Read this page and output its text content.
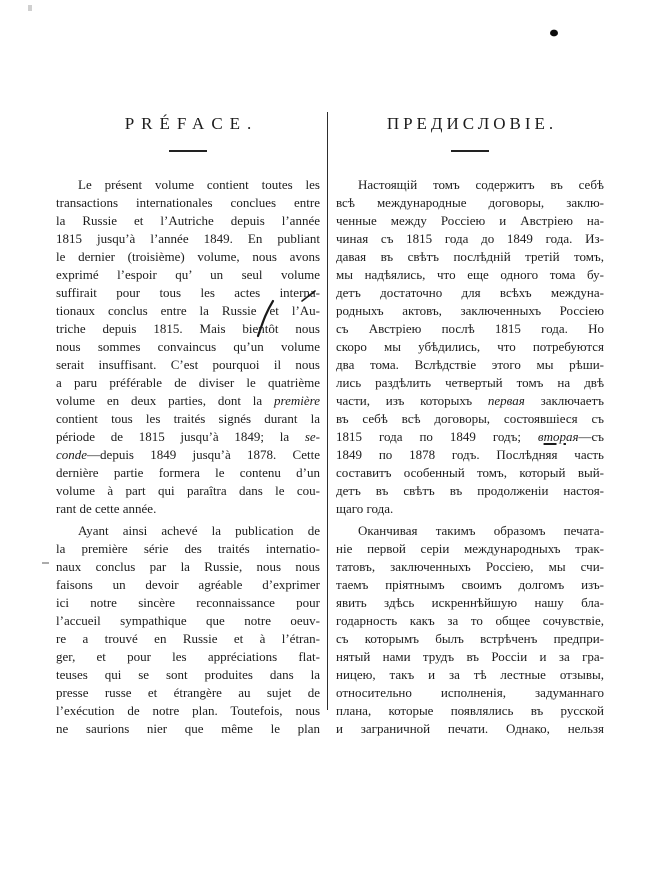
PRÉFACE.
Le présent volume contient toutes les
transactions internationales conclues entre
la Russie et l’Autriche depuis l’année
1815 jusqu’à l’année 1849. En publiant
le dernier (troisième) volume, nous avons
exprimé l’espoir qu’ un seul volume
suffirait pour tous les actes interna-
tionaux conclus entre la Russie et l’Au-
triche depuis 1815. Mais bientôt nous
nous sommes convaincus qu’un volume
serait insuffisant. C’est pourquoi il nous
a paru préférable de diviser le quatrième
volume en deux parties, dont la première
contient tous les traités signés durant la
période de 1815 jusqu’à 1849; la se-
conde—depuis 1849 jusqu’à 1878. Cette
dernière partie formera le contenu d’un
volume à part qui paraîtra dans le cou-
rant de cette année.
Ayant ainsi achevé la publication de
la première série des traités internatio-
naux conclus par la Russie, nous nous
faisons un devoir agréable d’exprimer
ici notre sincère reconnaissance pour
l’accueil sympathique que notre oeuv-
re a trouvé en Russie et à l’étran-
ger, et pour les appréciations flat-
teuses qui se sont produites dans la
presse russe et étrangère au sujet de
l’exécution de notre plan. Toutefois, nous
ne saurions nier que même le plan
ПРЕДИСЛОВІЕ.
Настоящій томъ содержитъ въ себѣ
всѣ международные договоры, заклю-
ченные между Россіею и Австріею на-
чиная съ 1815 года до 1849 года. Из-
давая въ свѣтъ послѣдній третій томъ,
мы надѣялись, что еще одного тома бу-
детъ достаточно для всѣхъ междуна-
родныхъ актовъ, заключенныхъ Россіею
съ Австріею послѣ 1815 года. Но
скоро мы убѣдились, что потребуются
два тома. Вслѣдствіе этого мы рѣши-
лись раздѣлить четвертый томъ на двѣ
части, изъ которыхъ первая заключаетъ
въ себѣ всѣ договоры, состоявшіеся съ
1815 года по 1849 годъ; вторая—съ
1849 по 1878 годъ. Послѣдняя часть
составитъ особенный томъ, который вый-
детъ въ свѣтъ въ продолженіи настоя-
щаго года.
Оканчивая такимъ образомъ печата-
ніе первой серіи международныхъ трак-
татовъ, заключенныхъ Россіею, мы счи-
таемъ пріятнымъ своимъ долгомъ изъ-
явить здѣсь искреннѣйшую нашу бла-
годарность какъ за то общее сочувствіе,
съ которымъ былъ встрѣченъ предпри-
нятый нами трудъ въ Россіи и за гра-
ницею, такъ и за тѣ лестные отзывы,
относительно исполненія, задуманнаго
плана, которые появлялись въ русской
и заграничной печати. Однако, нельзя
